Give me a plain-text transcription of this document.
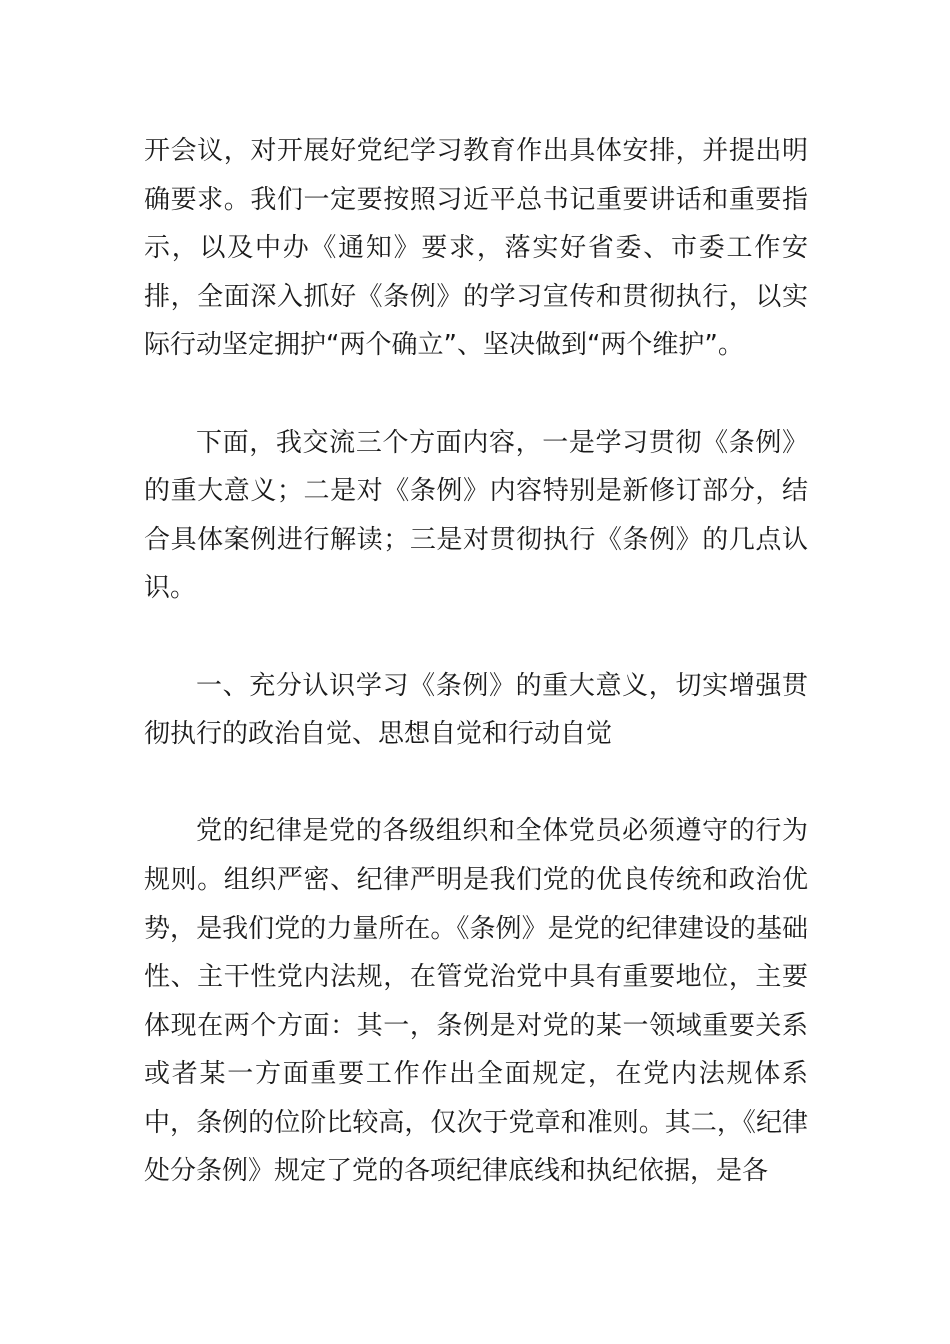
开会议，对开展好党纪学习教育作出具体安排，并提出明确要求。我们一定要按照习近平总书记重要讲话和重要指示，以及中办《通知》要求，落实好省委、市委工作安排，全面深入抓好《条例》的学习宣传和贯彻执行，以实际行动坚定拥护“两个确立”、坚决做到“两个维护”。

下面，我交流三个方面内容，一是学习贯彻《条例》的重大意义；二是对《条例》内容特别是新修订部分，结合具体案例进行解读；三是对贯彻执行《条例》的几点认识。

一、充分认识学习《条例》的重大意义，切实增强贯彻执行的政治自觉、思想自觉和行动自觉

党的纪律是党的各级组织和全体党员必须遵守的行为规则。组织严密、纪律严明是我们党的优良传统和政治优势，是我们党的力量所在。《条例》是党的纪律建设的基础性、主干性党内法规，在管党治党中具有重要地位，主要体现在两个方面：其一，条例是对党的某一领域重要关系或者某一方面重要工作作出全面规定，在党内法规体系中，条例的位阶比较高，仅次于党章和准则。其二，《纪律处分条例》规定了党的各项纪律底线和执纪依据，是各
